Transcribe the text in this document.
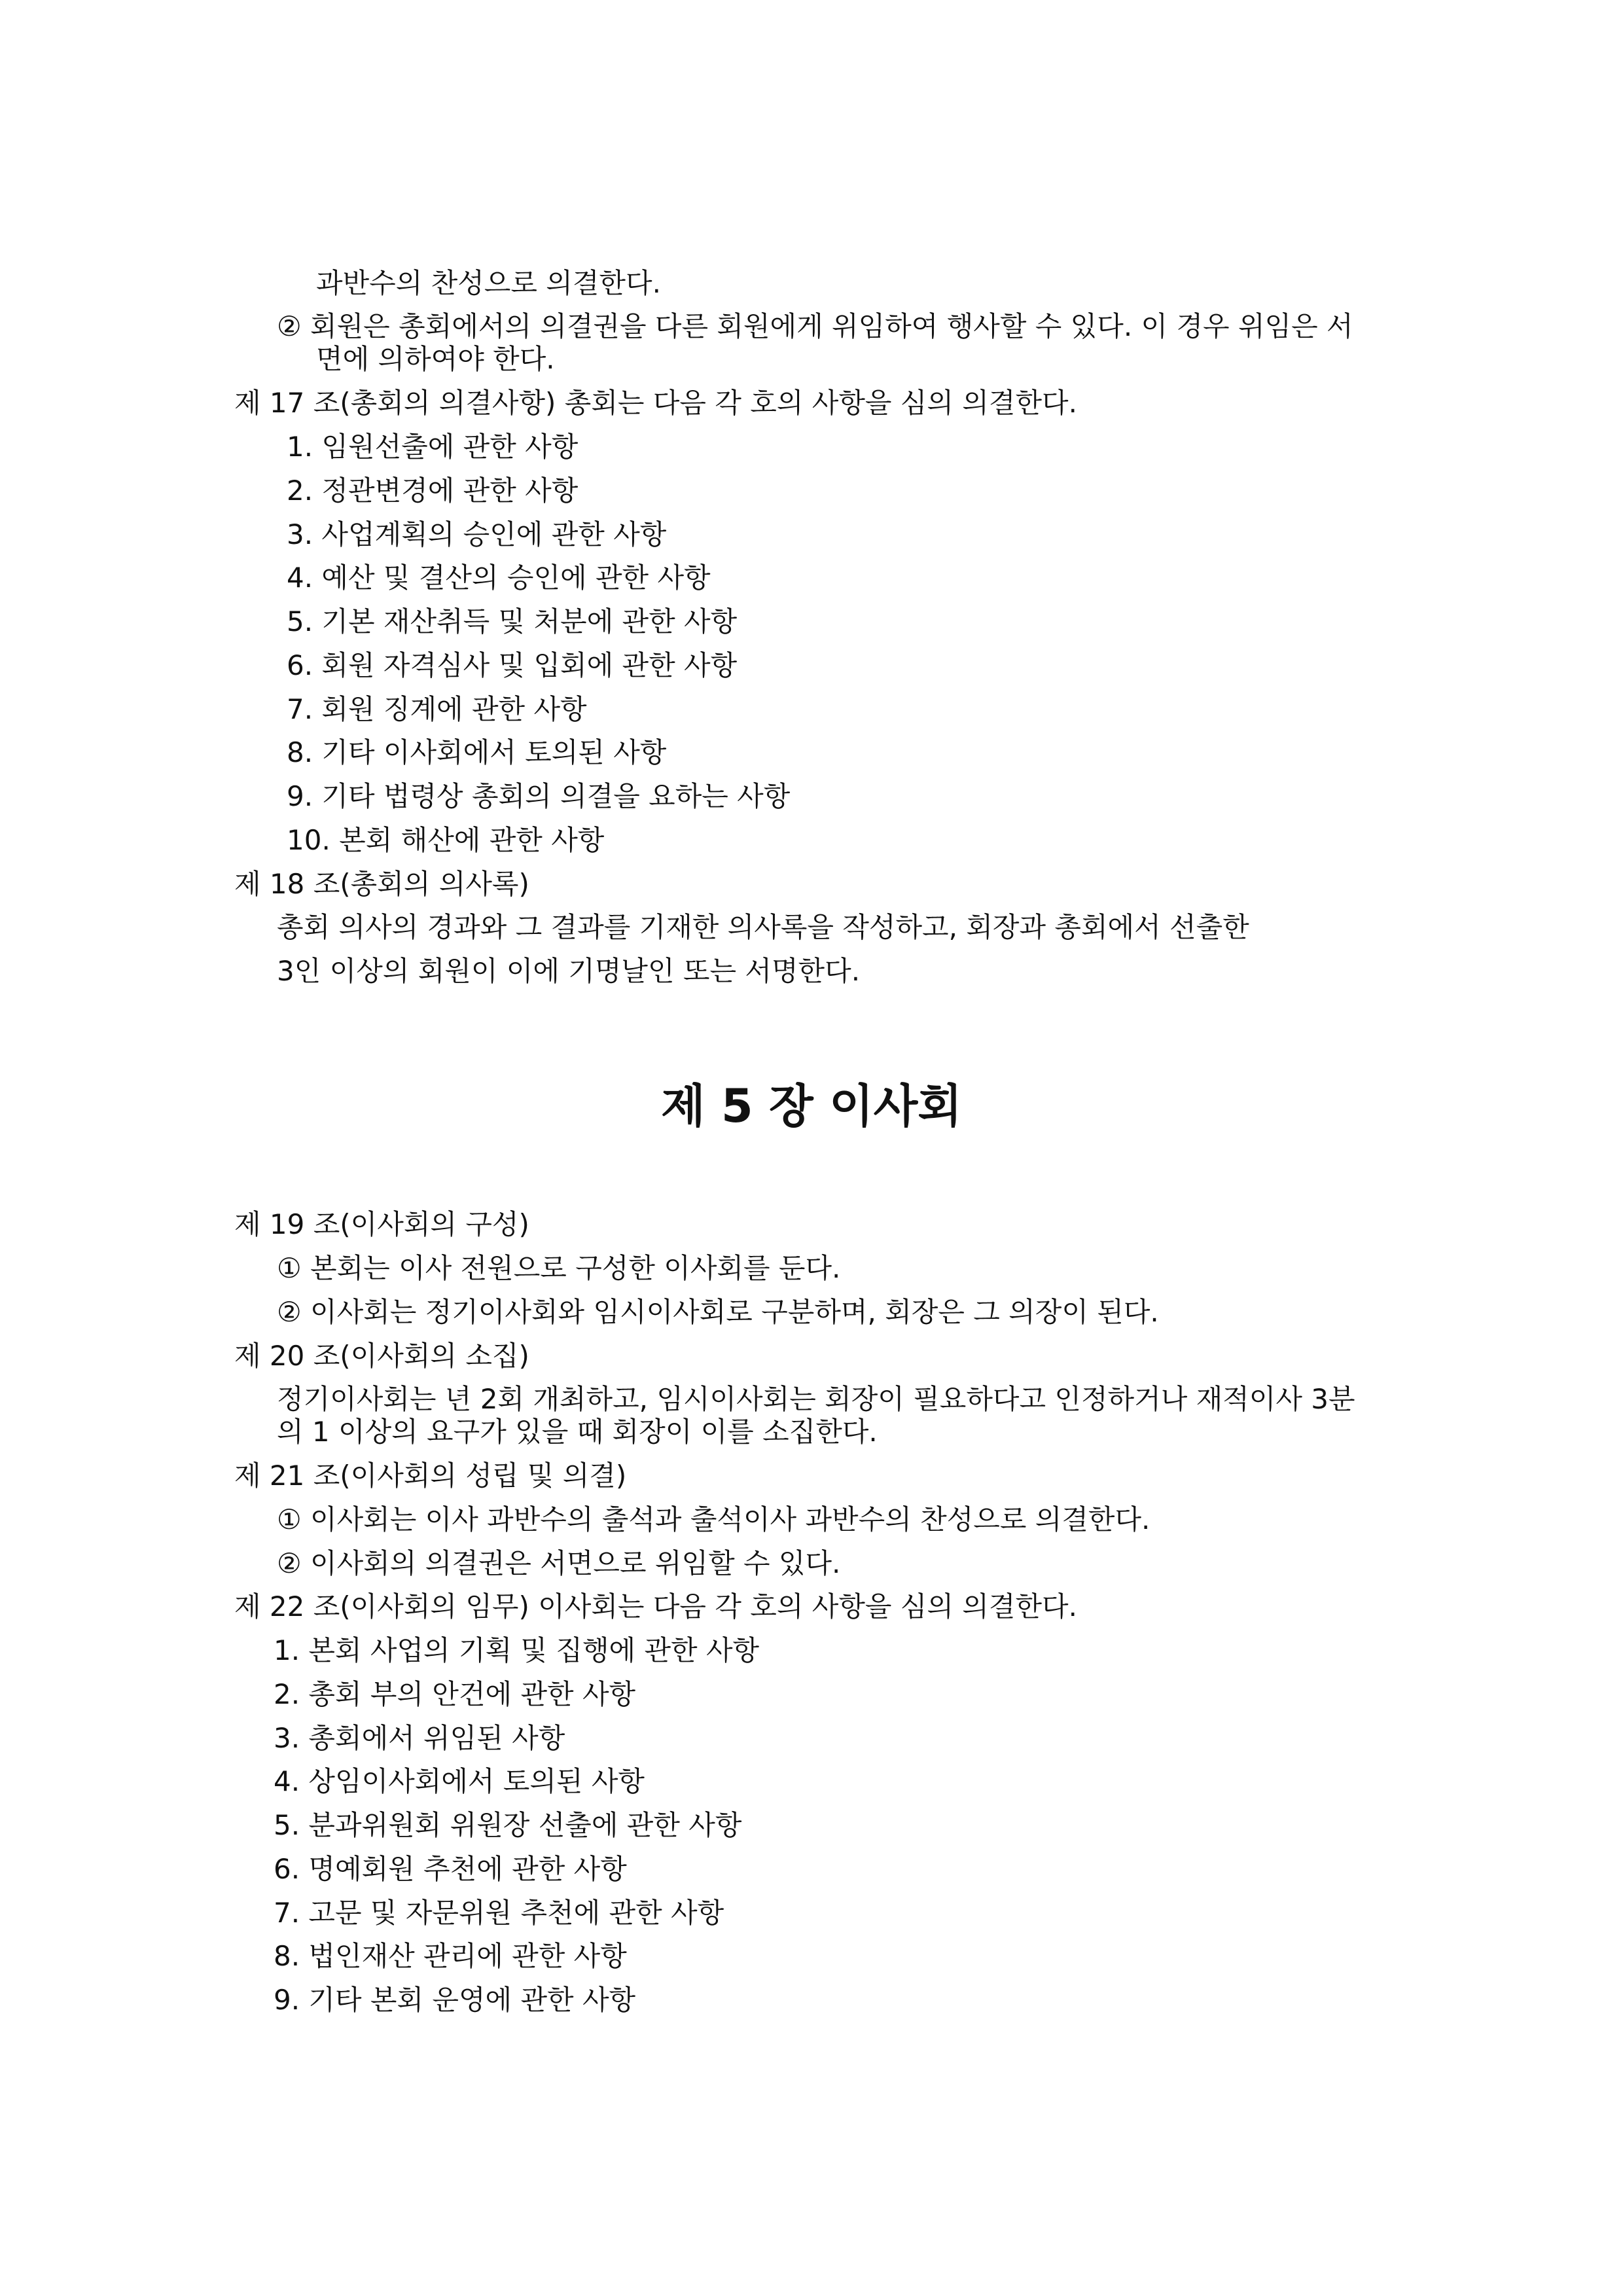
과반수의 찬성으로 의결한다.
② 회원은 총회에서의 의결권을 다른 회원에게 위임하여 행사할 수 있다. 이 경우 위임은 서
면에 의하여야 한다.
제 17 조(총회의 의결사항) 총회는 다음 각 호의 사항을 심의 의결한다.
1. 임원선출에 관한 사항
2. 정관변경에 관한 사항
3. 사업계획의 승인에 관한 사항
4. 예산 및 결산의 승인에 관한 사항
5. 기본 재산취득 및 처분에 관한 사항
6. 회원 자격심사 및 입회에 관한 사항
7. 회원 징계에 관한 사항
8. 기타 이사회에서 토의된 사항
9. 기타 법령상 총회의 의결을 요하는 사항
10. 본회 해산에 관한 사항
제 18 조(총회의 의사록)
총회 의사의 경과와 그 결과를 기재한 의사록을 작성하고, 회장과 총회에서 선출한
3인 이상의 회원이 이에 기명날인 또는 서명한다.
제 5 장 이사회
제 19 조(이사회의 구성)
① 본회는 이사 전원으로 구성한 이사회를 둔다.
② 이사회는 정기이사회와 임시이사회로 구분하며, 회장은 그 의장이 된다.
제 20 조(이사회의 소집)
정기이사회는 년 2회 개최하고, 임시이사회는 회장이 필요하다고 인정하거나 재적이사 3분
의 1 이상의 요구가 있을 때 회장이 이를 소집한다.
제 21 조(이사회의 성립 및 의결)
① 이사회는 이사 과반수의 출석과 출석이사 과반수의 찬성으로 의결한다.
② 이사회의 의결권은 서면으로 위임할 수 있다.
제 22 조(이사회의 임무) 이사회는 다음 각 호의 사항을 심의 의결한다.
1. 본회 사업의 기획 및 집행에 관한 사항
2. 총회 부의 안건에 관한 사항
3. 총회에서 위임된 사항
4. 상임이사회에서 토의된 사항
5. 분과위원회 위원장 선출에 관한 사항
6. 명예회원 추천에 관한 사항
7. 고문 및 자문위원 추천에 관한 사항
8. 법인재산 관리에 관한 사항
9. 기타 본회 운영에 관한 사항
